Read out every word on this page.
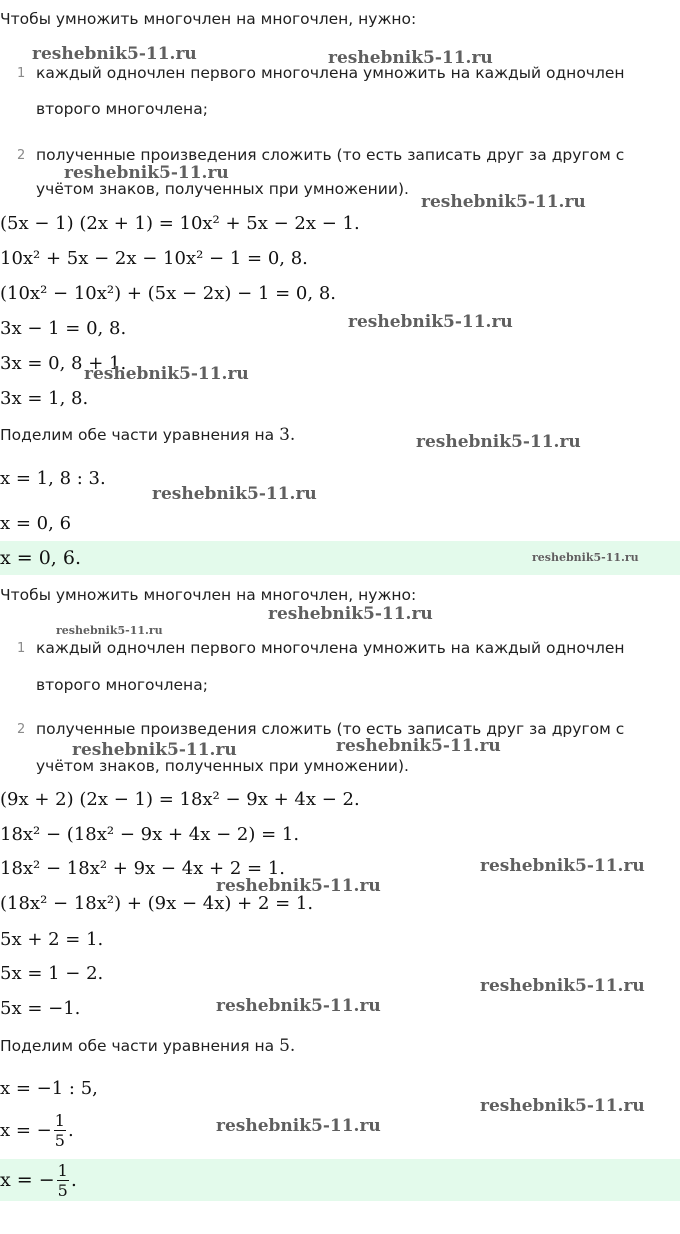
Чтобы умножить многочлен на многочлен, нужно:
1 каждый одночлен первого многочлена умножить на каждый одночлен
второго многочлена;
2 полученные произведения сложить (то есть записать друг за другом с
учётом знаков, полученных при умножении).
(5x − 1) (2x + 1) = 10x² + 5x − 2x − 1.
10x² + 5x − 2x − 10x² − 1 = 0, 8.
(10x² − 10x²) + (5x − 2x) − 1 = 0, 8.
3x − 1 = 0, 8.
3x = 0, 8 + 1.
3x = 1, 8.
Поделим обе части уравнения на 3.
x = 1, 8 : 3.
x = 0, 6
x = 0, 6.
Чтобы умножить многочлен на многочлен, нужно:
1 каждый одночлен первого многочлена умножить на каждый одночлен
второго многочлена;
2 полученные произведения сложить (то есть записать друг за другом с
учётом знаков, полученных при умножении).
(9x + 2) (2x − 1) = 18x² − 9x + 4x − 2.
18x² − (18x² − 9x + 4x − 2) = 1.
18x² − 18x² + 9x − 4x + 2 = 1.
(18x² − 18x²) + (9x − 4x) + 2 = 1.
5x + 2 = 1.
5x = 1 − 2.
5x = −1.
Поделим обе части уравнения на 5.
x = −1 : 5,
x = − $\frac{1}{5}$ .
x = − $\frac{1}{5}$ .
reshebnik5-11.ru	reshebnik5-11.ru
reshebnik5-11.ru
reshebnik5-11.ru
reshebnik5-11.ru
reshebnik5-11.ru
reshebnik5-11.ru
reshebnik5-11.ru
reshebnik5-11.ru
reshebnik5-11.ru
reshebnik5-11.ru
reshebnik5-11.ru	reshebnik5-11.ru
reshebnik5-11.ru
reshebnik5-11.ru
reshebnik5-11.ru
reshebnik5-11.ru
reshebnik5-11.ru
reshebnik5-11.ru
